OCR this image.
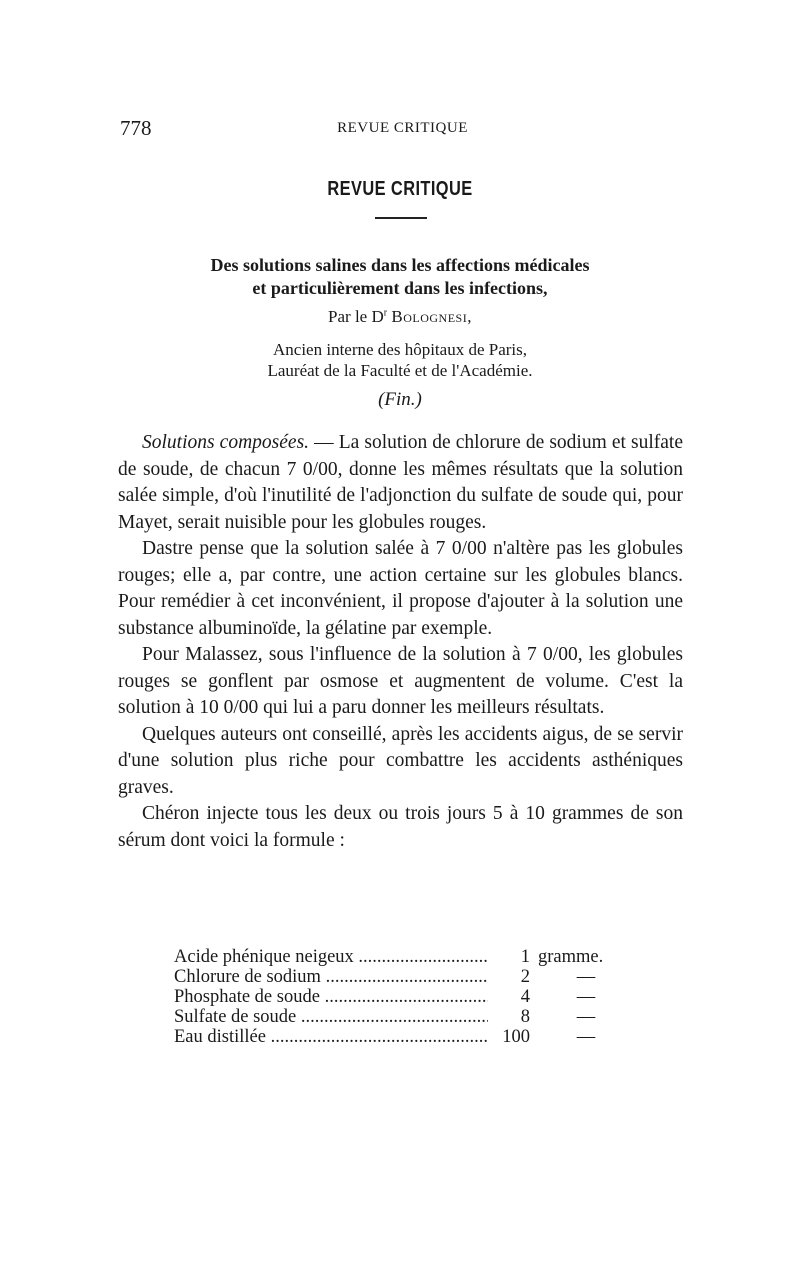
778	REVUE CRITIQUE
REVUE CRITIQUE
Des solutions salines dans les affections médicales
et particulièrement dans les infections,
Par le $D^r$ Bolognesi,
Ancien interne des hôpitaux de Paris,
Lauréat de la Faculté et de l'Académie.
(Fin.)

Solutions composées. — La solution de chlorure de sodium et sulfate de soude, de chacun 7 0/00, donne les mêmes résultats que la solution salée simple, d'où l'inutilité de l'adjonction du sulfate de soude qui, pour Mayet, serait nuisible pour les globules rouges.

Dastre pense que la solution salée à 7 0/00 n'altère pas les globules rouges; elle a, par contre, une action certaine sur les globules blancs. Pour remédier à cet inconvénient, il propose d'ajouter à la solution une substance albuminoïde, la gélatine par exemple.

Pour Malassez, sous l'influence de la solution à 7 0/00, les globules rouges se gonflent par osmose et augmentent de volume. C'est la solution à 10 0/00 qui lui a paru donner les meilleurs résultats.

Quelques auteurs ont conseillé, après les accidents aigus, de se servir d'une solution plus riche pour combattre les accidents asthéniques graves.

Chéron injecte tous les deux ou trois jours 5 à 10 grammes de son sérum dont voici la formule :

Acide phénique neigeux .....	1 gramme.
Chlorure de sodium .....	2	—
Phosphate de soude .....	4	—
Sulfate de soude .....	8	—
Eau distillée .....	100	—
